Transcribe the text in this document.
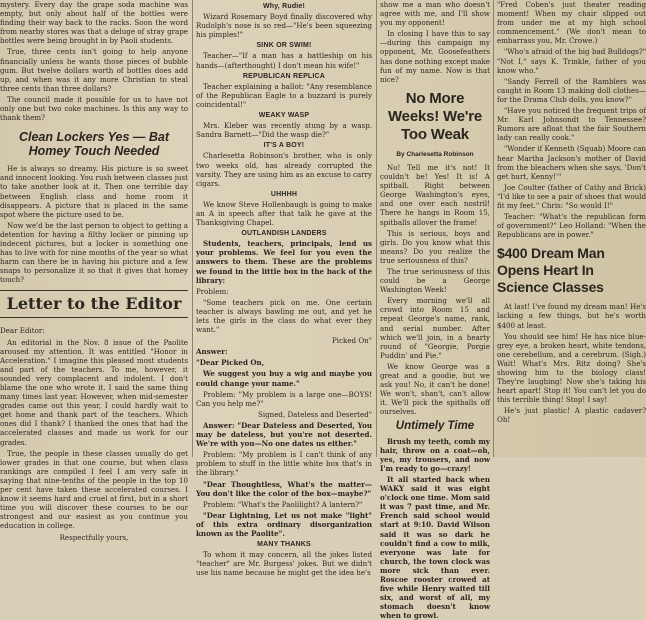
mystery. Every day the grape soda machine was empty, but only about half of the bottles were finding their way back to the racks. Soon the word from nearby stores was that a deluge of stray grape bottles were being brought in by Paoli students.

True, three cents isn't going to help anyone financially unless he wants those pieces of bubble gum. But twelve dollars worth of bottles does add up, and when was it any more Christian to steal three cents than three dollars?

The council made it possible for us to have not only one but two coke machines. Is this any way to thank them?

Clean Lockers Yes — Bat Homey Touch Needed

He is always so dreamy. His picture is so sweet and innocent looking. You rush between classes just to take another look at it. Then one terrible day between English class and home room it disappears. A picture that is placed in the same spot where the picture used to be.

Now we'd be the last person to object to getting a detention for having a filthy locker or pinning up indecent pictures, but a locker is something one has to live with for nine months of the year so what harm can there be in having his picture and a few snaps to personalize it so that it gives that homey touch?

Letter to the Editor

Dear Editor:

An editorial in the Nov. 8 issue of the Paolite aroused my attention. It was entitled "Honor in Acceleration." I imagine this pleased most students and part of the teachers. To me, however, it sounded very complacent and indolent. I don't blame the one who wrote it. I said the same thing many times last year. However, when mid-semester grades came out this year, I could hardly wait to get home and thank part of the teachers. Which ones did I thank? I thanked the ones that had the accelerated classes and made us work for our grades.

True, the people in these classes usually do get lower grades in that one course, but when class rankings are compiled I feel I am very safe in saying that nine-tenths of the people in the top 10 per cent have taken these accelerated courses. I know it seems hard and cruel at first, but in a short time you will discover these courses to be our strongest and our easiest as you continue you education in college.

Respectfully yours,

Why, Rudie!

Wizard Rosemary Boyd finally discovered why Rudolph's nose is so red—"He's been squeezing his pimples!"

SINK OR SWIM!

Teacher—"If a man has a battleship on his hands—(afterthought) I don't mean his wife!"

REPUBLICAN REPLICA

Teacher explaining a ballot: "Any resemblance of the Republican Eagle to a buzzard is purely coincidental!"

WEAKY WASP

Mrs. Kleber was recently stung by a wasp. Sandra Barnett—"Did the wasp die?"

IT'S A BOY!

Charlesetta Robinson's brother, who is only two weeks old, has already corrupted the varsity. They are using him as an excuse to carry cigars.

UHHHH

We know Steve Hollenbaugh is going to make an A in speech after that talk he gave at the Thanksgiving Chapel.

OUTLANDISH LANDERS

Students, teachers, principals, lend us your problems. We feel for you even the answers to them. These are the problems we found in the little box in the back of the library:

Problem:

"Some teachers pick on me. One certain teacher is always bawling me out, and yet he lets the girls in the class do what ever they want."

Picked On"

Answer:

"Dear Picked On,

We suggest you buy a wig and maybe you could change your name."

Problem: "My problem is a large one—BOYS! Can you help me?"

Signed, Dateless and Deserted"

Answer: "Dear Dateless and Deserted, You may be dateless, but you're not deserted. We're with you—No one dates us either."

Problem: "My problem is I can't think of any problem to stuff in the little white box that's in the library."

"Dear Thoughtless, What's the matter—You don't like the color of the box—maybe?"

Problem: "What's the Paolilight? A lantern?"

"Dear Lightning, Let us not make "light" of this extra ordinary disorganization known as the Paolite".

MANY THANKS

To whom it may concern, all the jokes listed "teacher" are Mr. Burgess' jokes. But we didn't use his name because he might get the idea he's

show me a man who doesn't agree with me, and I'll show you my opponent!

In closing I have this to say—during this campaign my opponent, Mr. Goosefeathers has done nothing except make fun of my name. Now is that nice?

No More Weeks! We're Too Weak
By Charlesetta Robinson

No! Tell me it's not! It couldn't be! Yes! It is! A spitball. Right between George Washington's eyes, and one over each nostril! There he hangs in Room 15, spitballs allover the frame!

This is serious, boys and girls. Do you know what this means? Do you realize the true seriousness of this?

The true seriousness of this could be a George Washington Week!

Every morning we'll all crowd into Room 15 and repeat George's name, rank, and serial number. After which we'll join, in a hearty round of "Georgie, Porgie Puddin' and Pie."

We know George was a great and a goodie, but we ask you! No, it can't be done! We won't, shan't, can't allow it. We'll pick the spitballs off ourselves.

Untimely Time

Brush my teeth, comb my hair, throw on a coat—oh, yes, my trousers, and now I'm ready to go—crazy!

It all started back when WAKY said it was eight o'clock one time. Mom said it was 7 past time, and Mr. French said school would start at 9:10. David Wilson said it was so dark he couldn't find a cow to milk, everyone was late for church, the town clock was more sick than ever. Roscoe rooster crowed at five while Henry waited till six, and worst of all, my stomach doesn't know when to growl.

"Fred Coben's just theater reading moment! When my chair slipped out from under me at my high school commencement." (We don't mean to embarrass you, Mr. Crowe.)

"Who's afraid of the big bad Bulldogs?" "Not I," says K. Trinkle, father of you know who."

"Sandy Ferrell of the Ramblers was caught in Room 13 making doll clothes—for the Drama Club dolls, you know?"

"Have you noticed the frequent trips of Mr. Karl Johnsondt to Tennessee? Rumors are afloat that the fair Southern lady can really cook."

"Wonder if Kenneth (Squab) Moore can hear Martha Jackson's mother of David from the bleachers when she says, 'Don't get hurt, Kenny!'"

Joe Coulter (father of Cathy and Brick) "I'd like to see a pair of shoes that would fit my feet." Chris: "So would I!"

Teacher: "What's the republican form of government?" Leo Holland: "When the Republicans are in power."

$400 Dream Man Opens Heart In Science Classes

At last! I've found my dream man! He's lacking a few things, but he's worth $400 at least.

You should see him! He has nice blue-grey eye, a broken heart, white tendons, one cerebellum, and a cerebrum. (Sigh.) Wait! What's Mrs. Ritz doing? She's showing him to the biology class! They're laughing! Now she's taking his heart apart! Stop it! You can't let you do this terrible thing! Stop! I say!

He's just plastic! A plastic cadaver? Oh!
